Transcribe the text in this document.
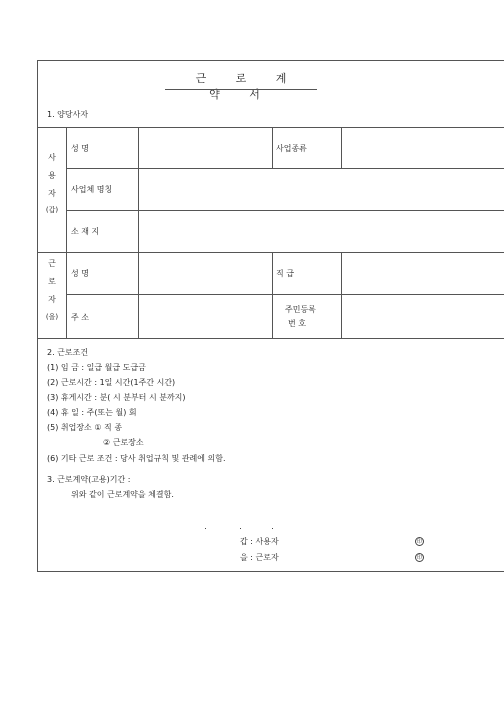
근 로 계 약 서
1. 양당사자
사
용
자
(갑)
성 명	사업종류
사업체 명칭
소 재 지
근
로
자
(을)
성 명	직 급
주 소
주민등록
번 호
2. 근로조건
(1) 임 금 : 일급 월급 도급금
(2) 근로시간 : 1일 시간(1주간 시간)
(3) 휴게시간 : 분( 시 분부터 시 분까지)
(4) 휴 일 : 주(또는 월) 회
(5) 취업장소 ① 직 종
② 근로장소
(6) 기타 근로 조건 : 당사 취업규칙 및 관례에 의함.
3. 근로계약(고용)기간 :
위와 같이 근로계약을 체결함.
갑 : 사용자	印
을 : 근로자	印
